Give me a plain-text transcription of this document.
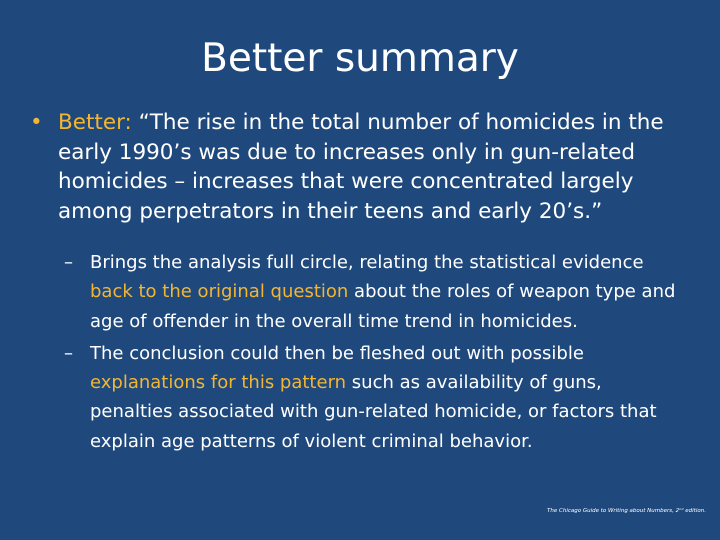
Better summary
• Better: “The rise in the total number of homicides in the early 1990’s was due to increases only in gun-related homicides – increases that were concentrated largely among perpetrators in their teens and early 20’s.”
– Brings the analysis full circle, relating the statistical evidence back to the original question about the roles of weapon type and age of offender in the overall time trend in homicides.
– The conclusion could then be fleshed out with possible explanations for this pattern such as availability of guns, penalties associated with gun-related homicide, or factors that explain age patterns of violent criminal behavior.
The Chicago Guide to Writing about Numbers, 2ⁿᵈ edition.
